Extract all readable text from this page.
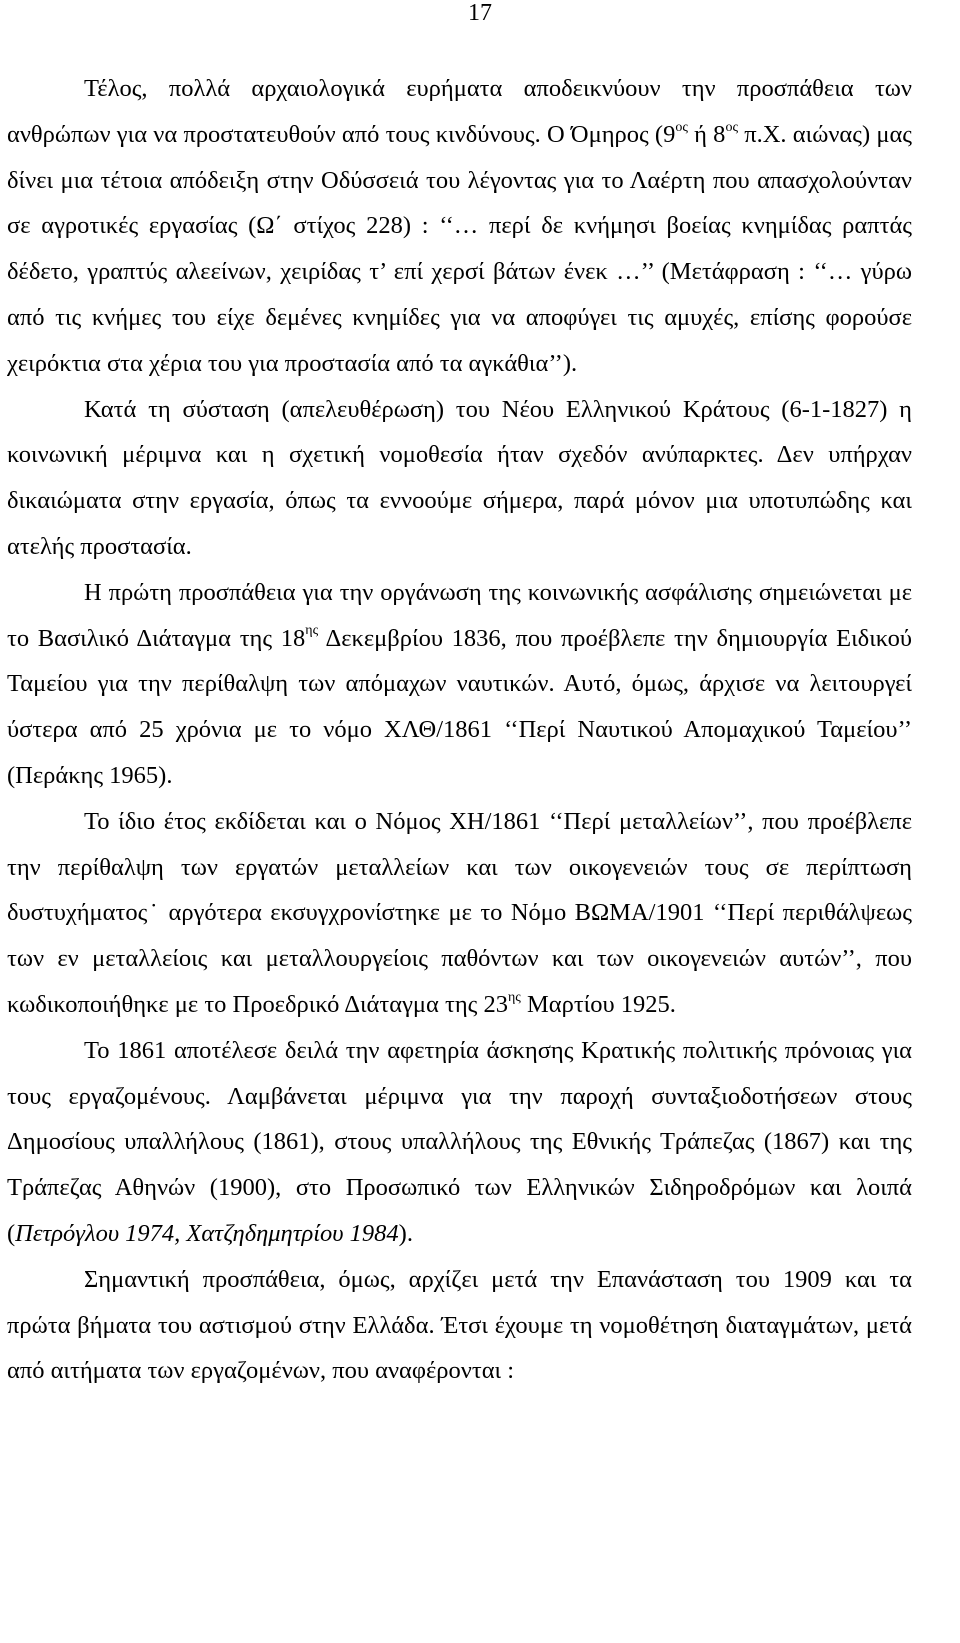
17

Τέλος, πολλά αρχαιολογικά ευρήματα αποδεικνύουν την προσπάθεια των ανθρώπων για να προστατευθούν από τους κινδύνους. Ο Όμηρος ($9^{o\varsigma}$ ή $8^{o\varsigma}$ π.Χ. αιώνας) μας δίνει μια τέτοια απόδειξη στην Οδύσσειά του λέγοντας για το Λαέρτη που απασχολούνταν σε αγροτικές εργασίας (Ω΄ στίχος 228) : ‘‘… περί δε κνήμησι βοείας κνημίδας ραπτάς δέδετο, γραπτύς αλεείνων, χειρίδας τ’ επί χερσί βάτων ένεκ …’’ (Μετάφραση : ‘‘… γύρω από τις κνήμες του είχε δεμένες κνημίδες για να αποφύγει τις αμυχές, επίσης φορούσε χειρόκτια στα χέρια του για προστασία από τα αγκάθια’’).

Κατά τη σύσταση (απελευθέρωση) του Νέου Ελληνικού Κράτους (6-1-1827) η κοινωνική μέριμνα και η σχετική νομοθεσία ήταν σχεδόν ανύπαρκτες. Δεν υπήρχαν δικαιώματα στην εργασία, όπως τα εννοούμε σήμερα, παρά μόνον μια υποτυπώδης και ατελής προστασία.

Η πρώτη προσπάθεια για την οργάνωση της κοινωνικής ασφάλισης σημειώνεται με το Βασιλικό Διάταγμα της $18^{\eta\varsigma}$ Δεκεμβρίου 1836, που προέβλεπε την δημιουργία Ειδικού Ταμείου για την περίθαλψη των απόμαχων ναυτικών. Αυτό, όμως, άρχισε να λειτουργεί ύστερα από 25 χρόνια με το νόμο ΧΛΘ/1861 ‘‘Περί Ναυτικού Απομαχικού Ταμείου’’ (Περάκης 1965).

Το ίδιο έτος εκδίδεται και ο Νόμος ΧΗ/1861 ‘‘Περί μεταλλείων’’, που προέβλεπε την περίθαλψη των εργατών μεταλλείων και των οικογενειών τους σε περίπτωση δυστυχήματος˙ αργότερα εκσυγχρονίστηκε με το Νόμο ΒΩΜΑ/1901 ‘‘Περί περιθάλψεως των εν μεταλλείοις και μεταλλουργείοις παθόντων και των οικογενειών αυτών’’, που κωδικοποιήθηκε με το Προεδρικό Διάταγμα της $23^{\eta\varsigma}$ Μαρτίου 1925.

Το 1861 αποτέλεσε δειλά την αφετηρία άσκησης Κρατικής πολιτικής πρόνοιας για τους εργαζομένους. Λαμβάνεται μέριμνα για την παροχή συνταξιοδοτήσεων στους Δημοσίους υπαλλήλους (1861), στους υπαλλήλους της Εθνικής Τράπεζας (1867) και της Τράπεζας Αθηνών (1900), στο Προσωπικό των Ελληνικών Σιδηροδρόμων και λοιπά (Πετρόγλου 1974, Χατζηδημητρίου 1984).

Σημαντική προσπάθεια, όμως, αρχίζει μετά την Επανάσταση του 1909 και τα πρώτα βήματα του αστισμού στην Ελλάδα. Έτσι έχουμε τη νομοθέτηση διαταγμάτων, μετά από αιτήματα των εργαζομένων, που αναφέρονται :
